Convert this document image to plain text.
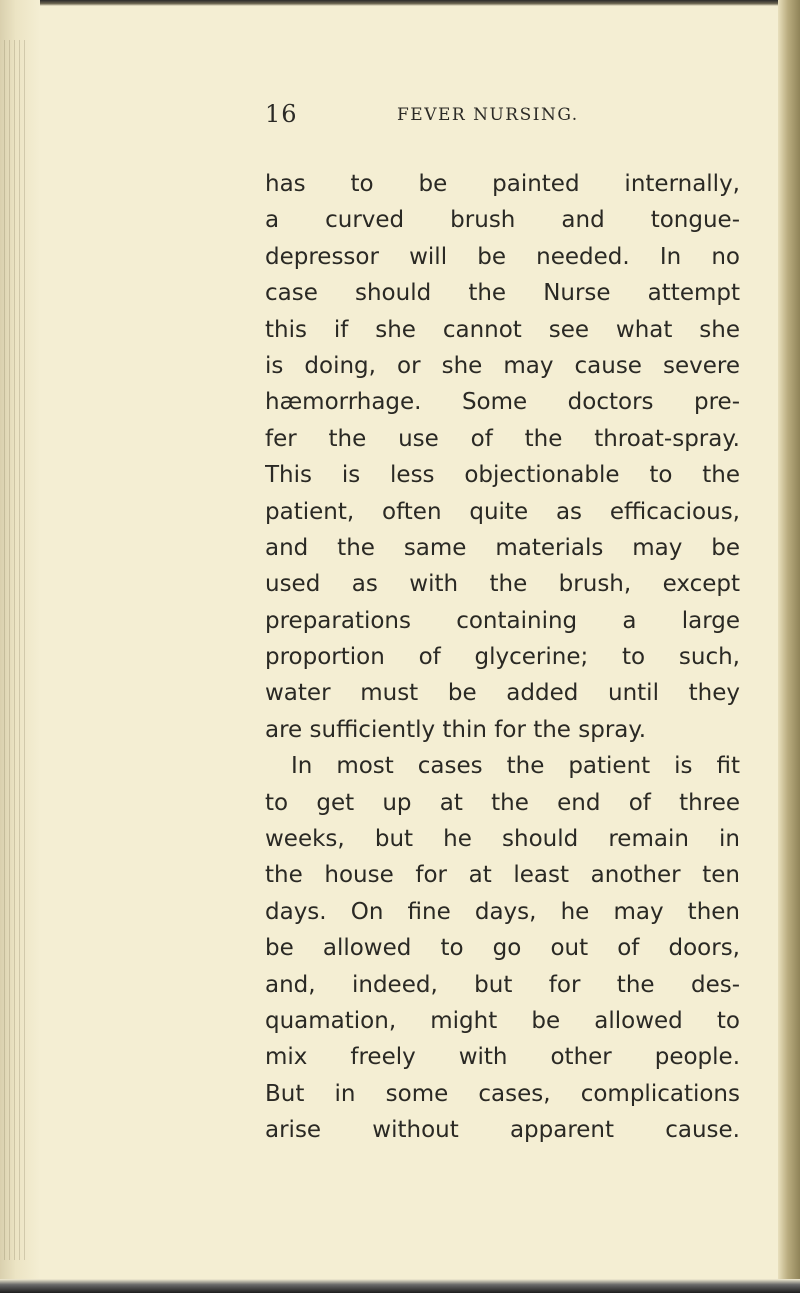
16	FEVER NURSING.
has to be painted internally,
a curved brush and tongue-
depressor will be needed. In no
case should the Nurse attempt
this if she cannot see what she
is doing, or she may cause severe
hæmorrhage. Some doctors pre-
fer the use of the throat-spray.
This is less objectionable to the
patient, often quite as efficacious,
and the same materials may be
used as with the brush, except
preparations containing a large
proportion of glycerine; to such,
water must be added until they
are sufficiently thin for the spray.
In most cases the patient is fit
to get up at the end of three
weeks, but he should remain in
the house for at least another ten
days. On fine days, he may then
be allowed to go out of doors,
and, indeed, but for the des-
quamation, might be allowed to
mix freely with other people.
But in some cases, complications
arise without apparent cause.
